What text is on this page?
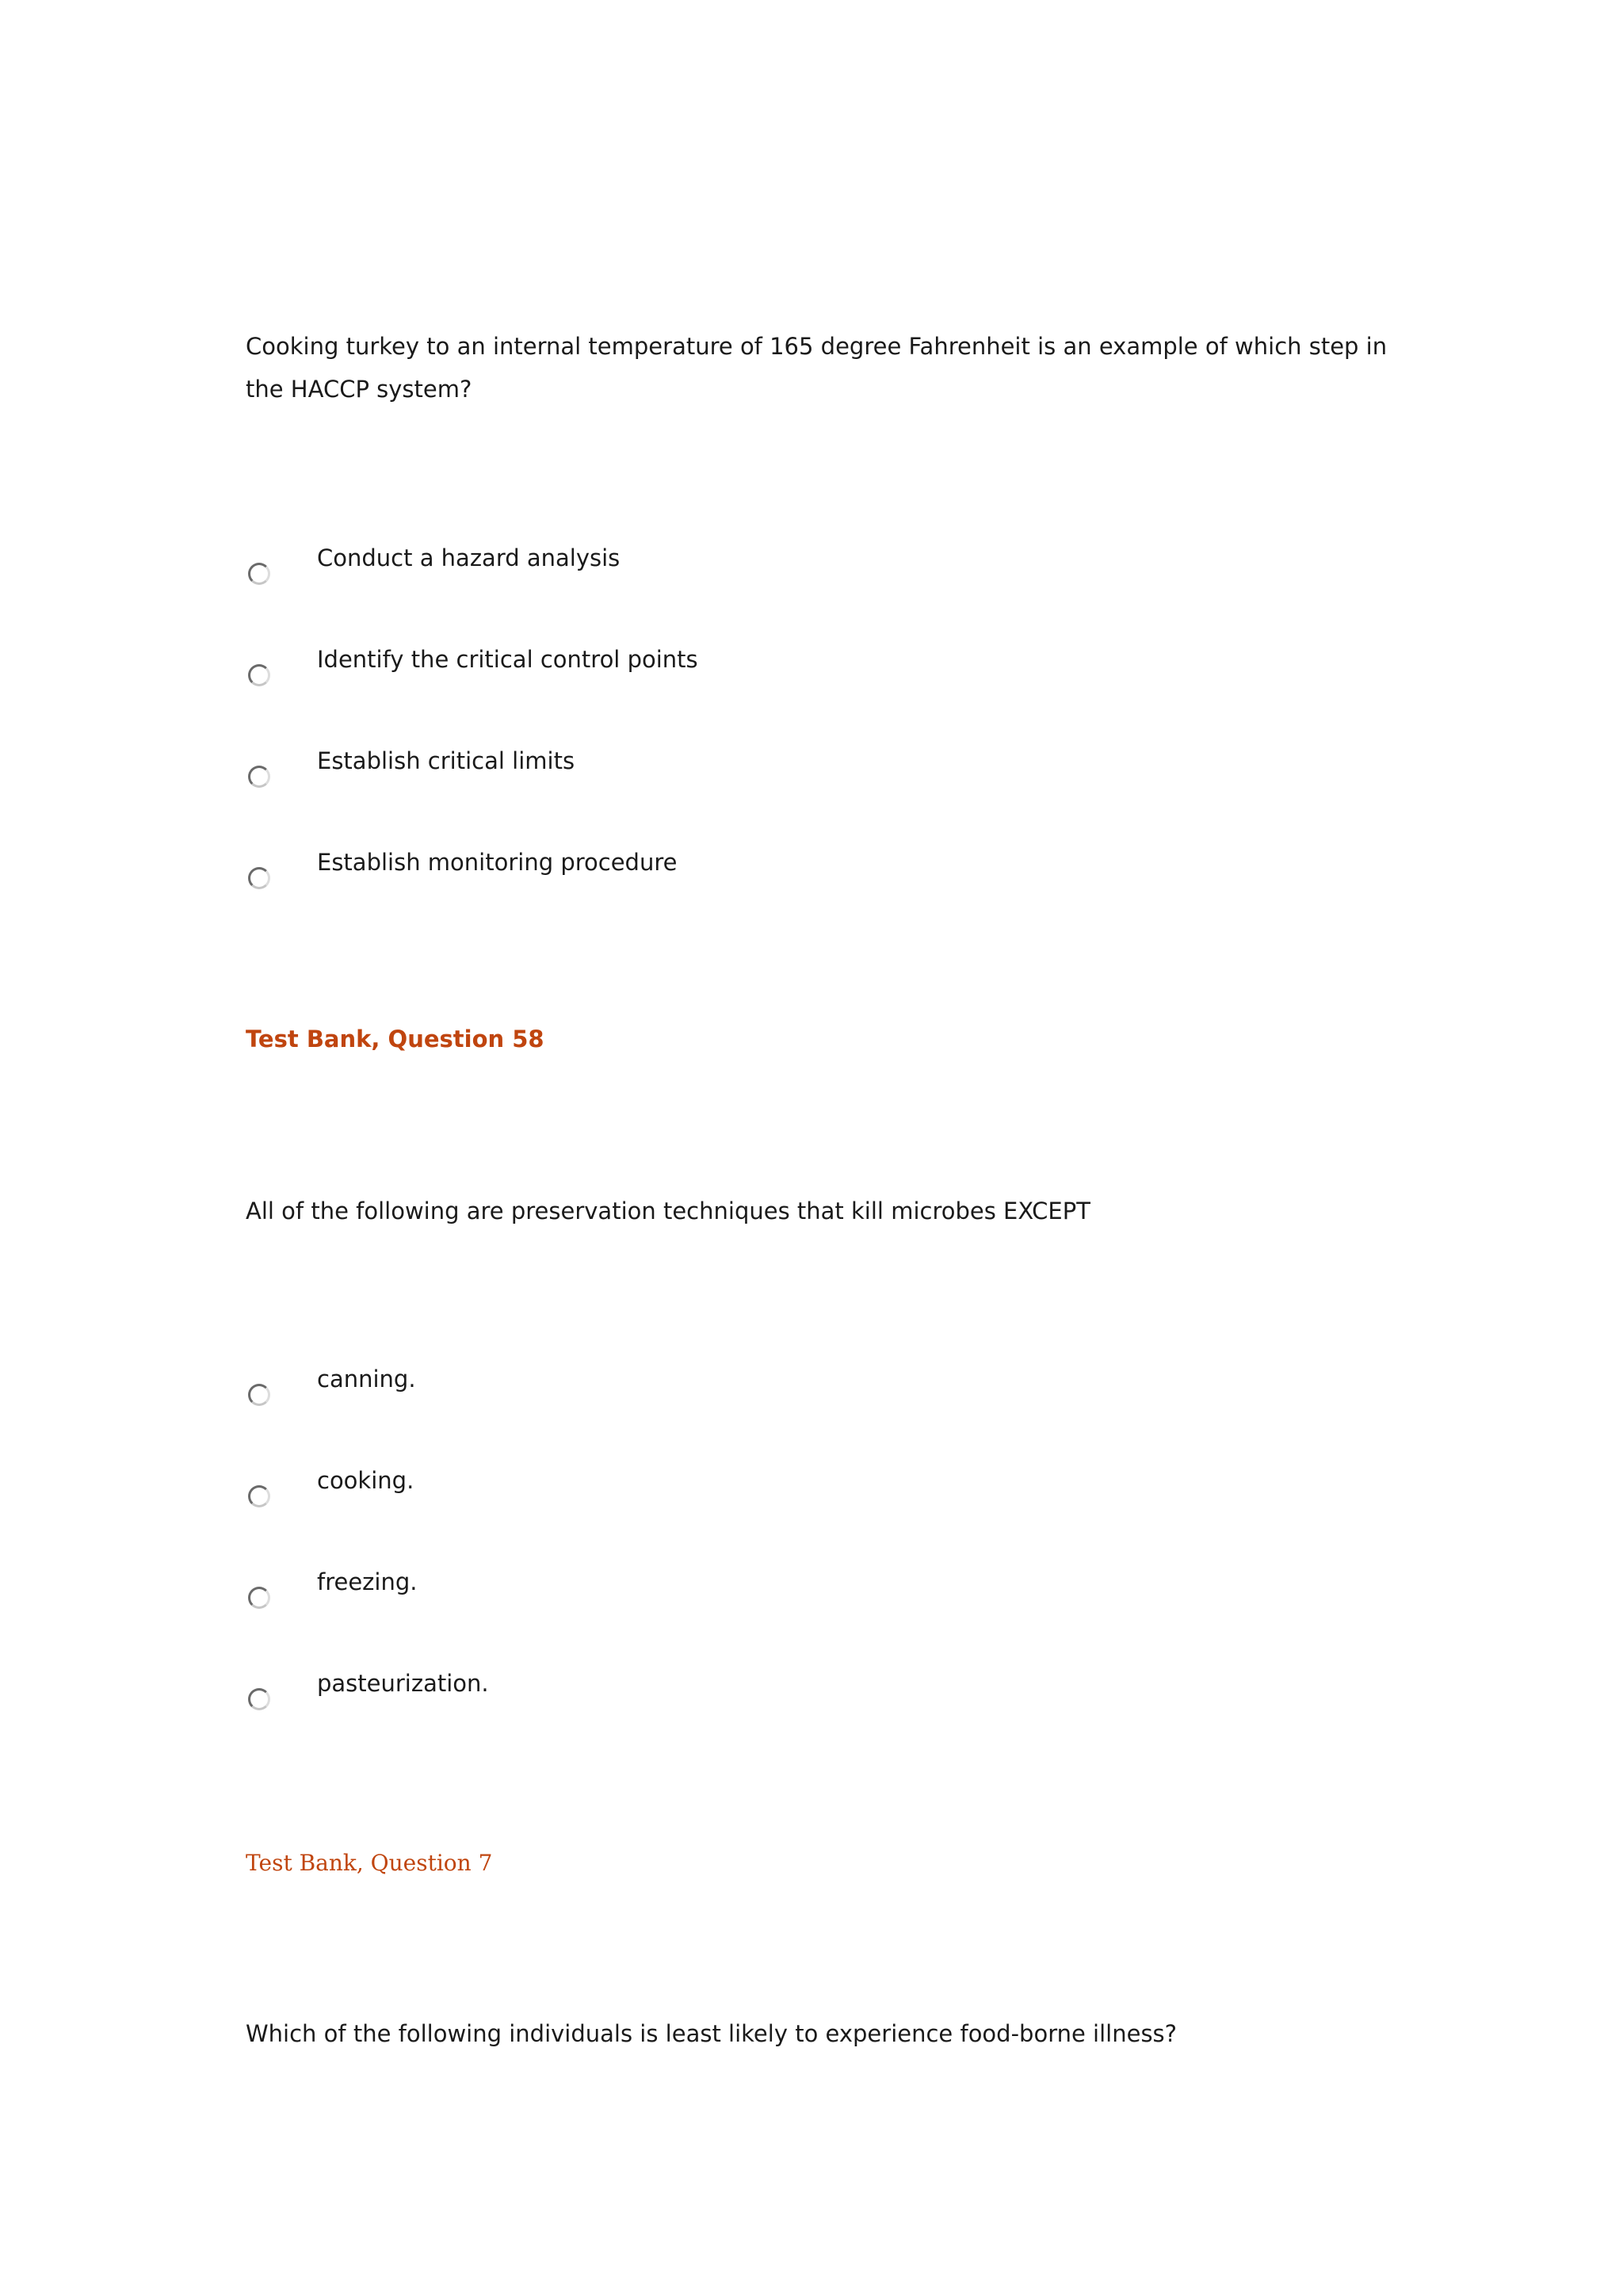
Cooking turkey to an internal temperature of 165 degree Fahrenheit is an example of which step in the HACCP system?
Conduct a hazard analysis
Identify the critical control points
Establish critical limits
Establish monitoring procedure
Test Bank, Question 58
All of the following are preservation techniques that kill microbes EXCEPT
canning.
cooking.
freezing.
pasteurization.
Test Bank, Question 7
Which of the following individuals is least likely to experience food-borne illness?
